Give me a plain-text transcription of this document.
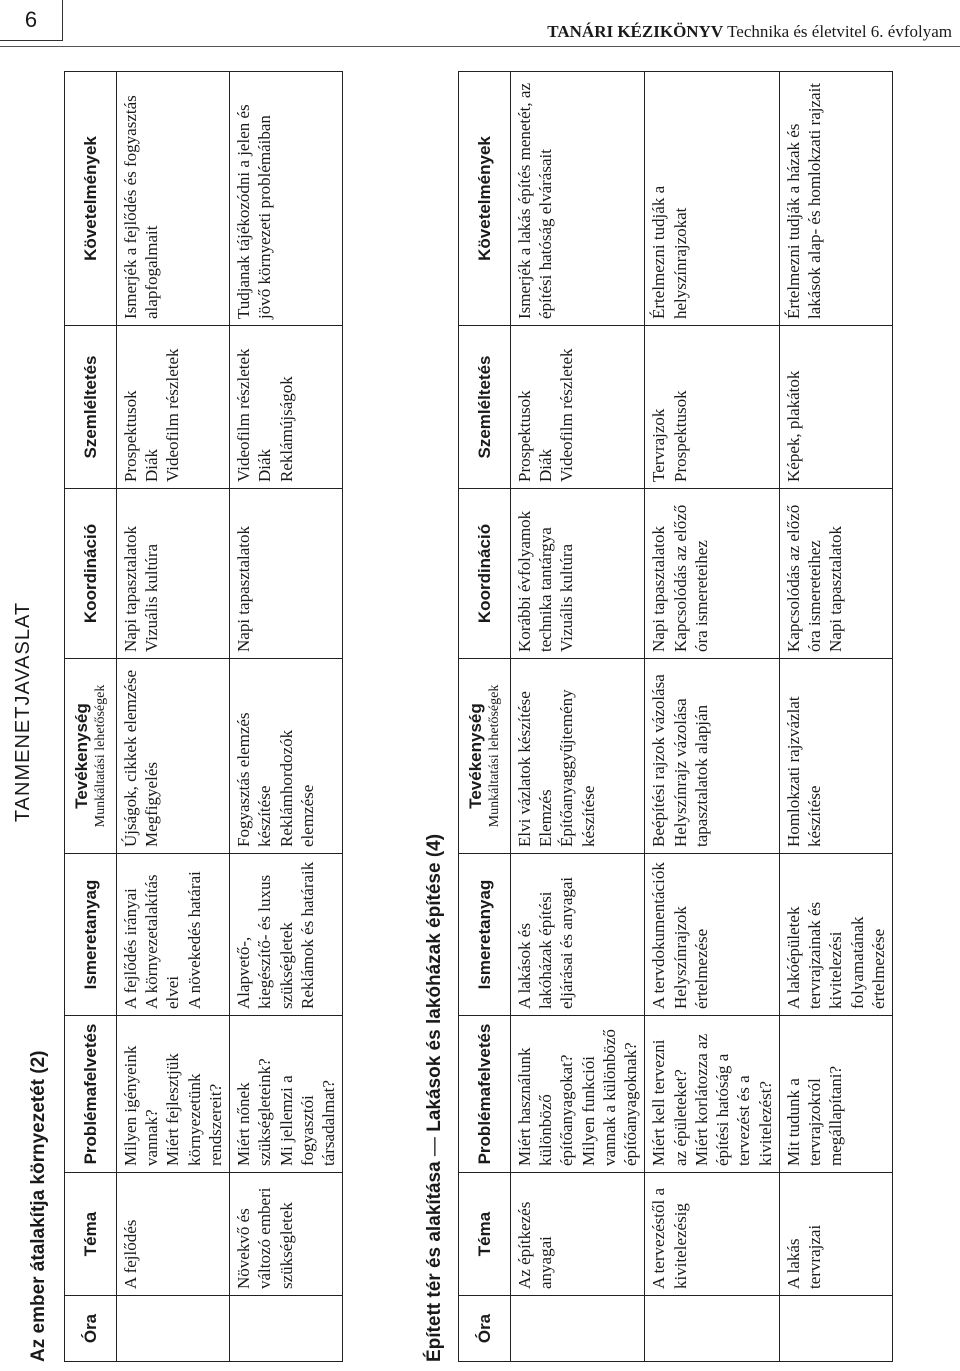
6	TANÁRI KÉZIKÖNYV Technika és életvitel 6. évfolyam
TANMENETJAVASLAT
Az ember átalakítja környezetét (2) Óra	Téma	Problémafelvetés	Ismeretanyag	Tevékenység Munkáltatási lehetőségek	Koordináció	Szemléltetés	Követelmények
	A fejlődés	Milyen igényeink vannak?
Miért fejlesztjük környezetünk rendszereit?	A fejlődés irányai
A környezetalakítás elvei
A növekedés határai	Újságok, cikkek elemzése
Megfigyelés	Napi tapasztalatok
Vizuális kultúra	Prospektusok
Diák
Videofilm részletek	Ismerjék a fejlődés és fogyasztás alapfogalmait
	Növekvő és változó emberi szükségletek	Miért nőnek szükségleteink?
Mi jellemzi a fogyasztói társadalmat?	Alapvető-, kiegészítő- és luxus szükségletek
Reklámok és határaik	Fogyasztás elemzés készítése
Reklámhordozók elemzése	Napi tapasztalatok	Videofilm részletek
Diák
Reklámújságok	Tudjanak tájékozódni a jelen és jövő környezeti problémáiban
Épített tér és alakítása — Lakások és lakóházak építése (4)
Óra	Téma	Problémafelvetés	Ismeretanyag	Tevékenység Munkáltatási lehetőségek	Koordináció	Szemléltetés	Követelmények
	Az építkezés anyagai	Miért használunk különböző építőanyagokat?
Milyen funkciói vannak a különböző építőanyagoknak?	A lakások és lakóházak építési eljárásai és anyagai	Elvi vázlatok készítése
Elemzés
Építőanyaggyűjtemény készítése	Korábbi évfolyamok technika tantárgya
Vizuális kultúra	Prospektusok
Diák
Videofilm részletek	Ismerjék a lakás építés menetét, az építési hatóság elvárásait
	A tervezéstől a kivitelezésig	Miért kell tervezni az épületeket?
Miért korlátozza az építési hatóság a tervezést és a kivitelezést?	A tervdokumentációk
Helyszínrajzok értelmezése	Beépítési rajzok vázolása
Helyszínrajz vázolása tapasztalatok alapján	Napi tapasztalatok
Kapcsolódás az előző óra ismereteihez	Tervrajzok
Prospektusok	Értelmezni tudják a helyszínrajzokat
	A lakás tervrajzai	Mit tudunk a tervrajzokról megállapítani?	A lakóépületek tervrajzainak és kivitelezési folyamatának értelmezése	Homlokzati rajzvázlat készítése	Kapcsolódás az előző óra ismereteihez
Napi tapasztalatok	Képek, plakátok	Értelmezni tudják a házak és lakások alap- és homlokzati rajzait
